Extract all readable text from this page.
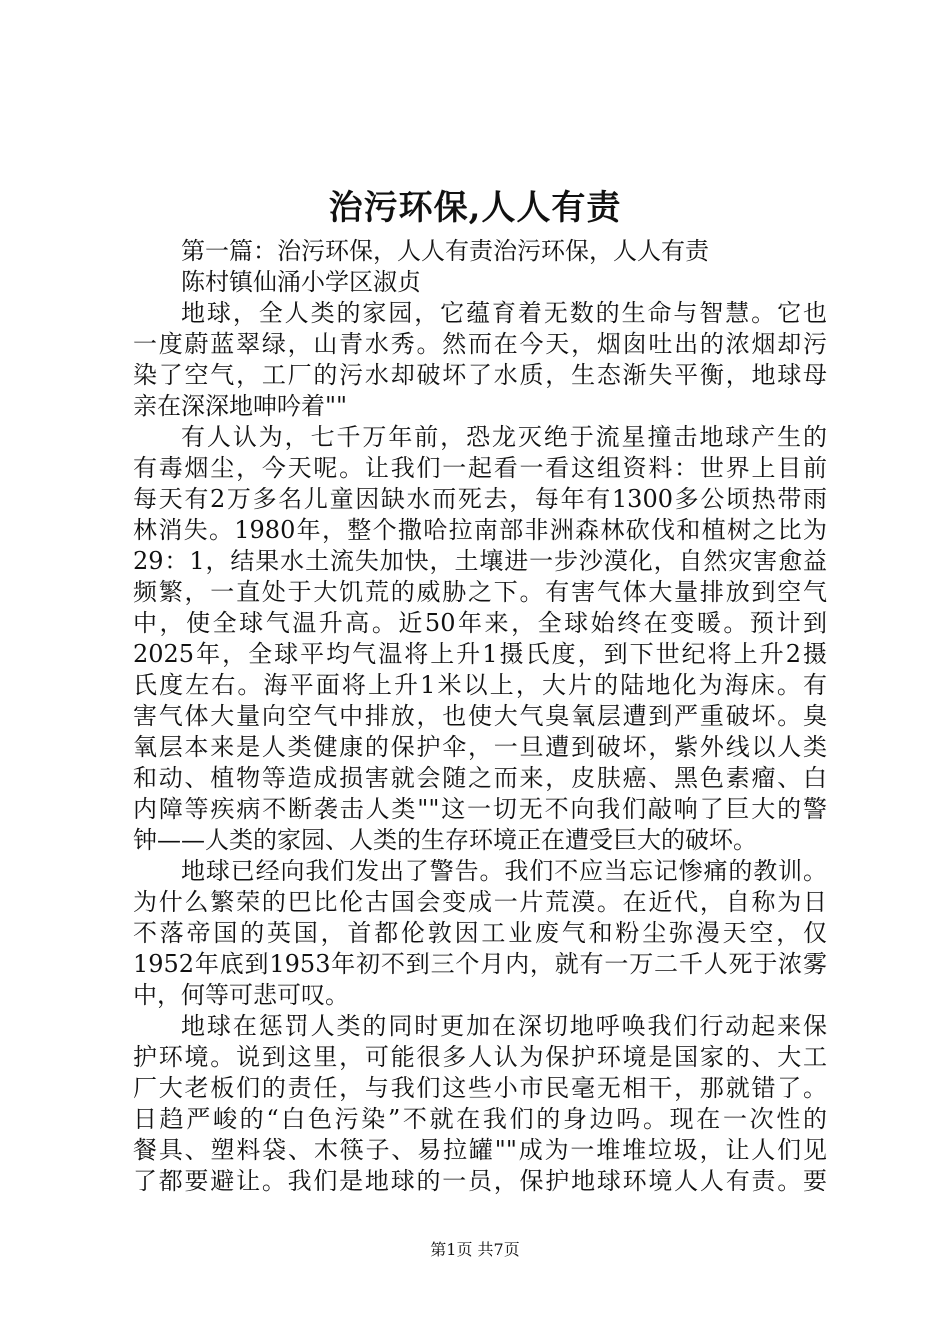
治污环保,人人有责
第一篇：治污环保，人人有责治污环保，人人有责
陈村镇仙涌小学区淑贞
地球，全人类的家园，它蕴育着无数的生命与智慧。它也
一度蔚蓝翠绿，山青水秀。然而在今天，烟囱吐出的浓烟却污
染了空气，工厂的污水却破坏了水质，生态渐失平衡，地球母
亲在深深地呻吟着""
有人认为，七千万年前，恐龙灭绝于流星撞击地球产生的
有毒烟尘，今天呢。让我们一起看一看这组资料：世界上目前
每天有2万多名儿童因缺水而死去，每年有1300多公顷热带雨
林消失。1980年，整个撒哈拉南部非洲森林砍伐和植树之比为
29：1，结果水土流失加快，土壤进一步沙漠化，自然灾害愈益
频繁，一直处于大饥荒的威胁之下。有害气体大量排放到空气
中，使全球气温升高。近50年来，全球始终在变暖。预计到
2025年，全球平均气温将上升1摄氏度，到下世纪将上升2摄
氏度左右。海平面将上升1米以上，大片的陆地化为海床。有
害气体大量向空气中排放，也使大气臭氧层遭到严重破坏。臭
氧层本来是人类健康的保护伞，一旦遭到破坏，紫外线以人类
和动、植物等造成损害就会随之而来，皮肤癌、黑色素瘤、白
内障等疾病不断袭击人类""这一切无不向我们敲响了巨大的警
钟——人类的家园、人类的生存环境正在遭受巨大的破坏。
地球已经向我们发出了警告。我们不应当忘记惨痛的教训。
为什么繁荣的巴比伦古国会变成一片荒漠。在近代，自称为日
不落帝国的英国，首都伦敦因工业废气和粉尘弥漫天空，仅
1952年底到1953年初不到三个月内，就有一万二千人死于浓雾
中，何等可悲可叹。
地球在惩罚人类的同时更加在深切地呼唤我们行动起来保
护环境。说到这里，可能很多人认为保护环境是国家的、大工
厂大老板们的责任，与我们这些小市民毫无相干，那就错了。
日趋严峻的“白色污染”不就在我们的身边吗。现在一次性的
餐具、塑料袋、木筷子、易拉罐""成为一堆堆垃圾，让人们见
了都要避让。我们是地球的一员，保护地球环境人人有责。要
第1页 共7页
